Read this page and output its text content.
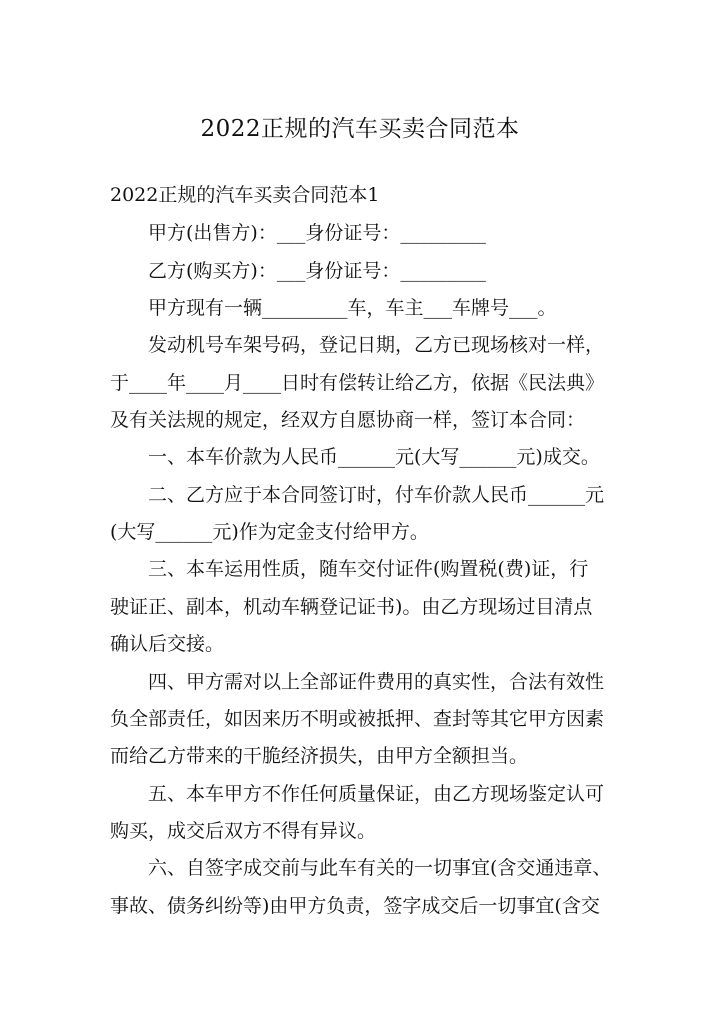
2022正规的汽车买卖合同范本
2022正规的汽车买卖合同范本1
甲方(出售方)：___身份证号：_________
乙方(购买方)：___身份证号：_________
甲方现有一辆_________车，车主___车牌号___。
发动机号车架号码，登记日期，乙方已现场核对一样，
于____年____月____日时有偿转让给乙方，依据《民法典》
及有关法规的规定，经双方自愿协商一样，签订本合同：
一、本车价款为人民币______元(大写______元)成交。
二、乙方应于本合同签订时，付车价款人民币______元
(大写______元)作为定金支付给甲方。
三、本车运用性质，随车交付证件(购置税(费)证，行
驶证正、副本，机动车辆登记证书)。由乙方现场过目清点
确认后交接。
四、甲方需对以上全部证件费用的真实性，合法有效性
负全部责任，如因来历不明或被抵押、查封等其它甲方因素
而给乙方带来的干脆经济损失，由甲方全额担当。
五、本车甲方不作任何质量保证，由乙方现场鉴定认可
购买，成交后双方不得有异议。
六、自签字成交前与此车有关的一切事宜(含交通违章、
事故、债务纠纷等)由甲方负责，签字成交后一切事宜(含交
